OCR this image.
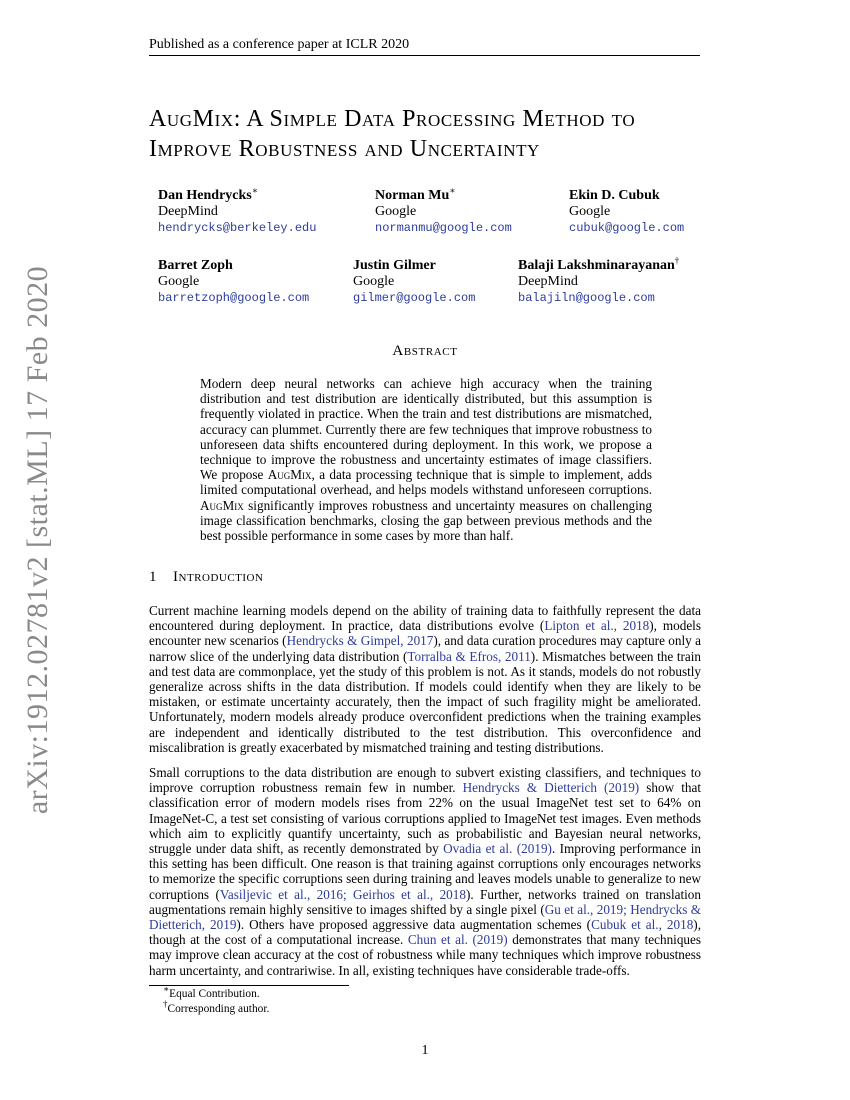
Published as a conference paper at ICLR 2020
arXiv:1912.02781v2 [stat.ML] 17 Feb 2020
AugMix: A Simple Data Processing Method to
Improve Robustness and Uncertainty
Dan Hendrycks∗
DeepMind
hendrycks@berkeley.edu
Norman Mu∗
Google
normanmu@google.com
Ekin D. Cubuk
Google
cubuk@google.com
Barret Zoph
Google
barretzoph@google.com
Justin Gilmer
Google
gilmer@google.com
Balaji Lakshminarayanan†
DeepMind
balajiln@google.com
Abstract
Modern deep neural networks can achieve high accuracy when the training distribution and test distribution are identically distributed, but this assumption is frequently violated in practice. When the train and test distributions are mismatched, accuracy can plummet. Currently there are few techniques that improve robustness to unforeseen data shifts encountered during deployment. In this work, we propose a technique to improve the robustness and uncertainty estimates of image classifiers. We propose AugMix, a data processing technique that is simple to implement, adds limited computational overhead, and helps models withstand unforeseen corruptions. AugMix significantly improves robustness and uncertainty measures on challenging image classification benchmarks, closing the gap between previous methods and the best possible performance in some cases by more than half.
1 Introduction
Current machine learning models depend on the ability of training data to faithfully represent the data encountered during deployment. In practice, data distributions evolve (Lipton et al., 2018), models encounter new scenarios (Hendrycks & Gimpel, 2017), and data curation procedures may capture only a narrow slice of the underlying data distribution (Torralba & Efros, 2011). Mismatches between the train and test data are commonplace, yet the study of this problem is not. As it stands, models do not robustly generalize across shifts in the data distribution. If models could identify when they are likely to be mistaken, or estimate uncertainty accurately, then the impact of such fragility might be ameliorated. Unfortunately, modern models already produce overconfident predictions when the training examples are independent and identically distributed to the test distribution. This overconfidence and miscalibration is greatly exacerbated by mismatched training and testing distributions.
Small corruptions to the data distribution are enough to subvert existing classifiers, and techniques to improve corruption robustness remain few in number. Hendrycks & Dietterich (2019) show that classification error of modern models rises from 22% on the usual ImageNet test set to 64% on ImageNet-C, a test set consisting of various corruptions applied to ImageNet test images. Even methods which aim to explicitly quantify uncertainty, such as probabilistic and Bayesian neural networks, struggle under data shift, as recently demonstrated by Ovadia et al. (2019). Improving performance in this setting has been difficult. One reason is that training against corruptions only encourages networks to memorize the specific corruptions seen during training and leaves models unable to generalize to new corruptions (Vasiljevic et al., 2016; Geirhos et al., 2018). Further, networks trained on translation augmentations remain highly sensitive to images shifted by a single pixel (Gu et al., 2019; Hendrycks & Dietterich, 2019). Others have proposed aggressive data augmentation schemes (Cubuk et al., 2018), though at the cost of a computational increase. Chun et al. (2019) demonstrates that many techniques may improve clean accuracy at the cost of robustness while many techniques which improve robustness harm uncertainty, and contrariwise. In all, existing techniques have considerable trade-offs.
∗Equal Contribution.
†Corresponding author.
1
